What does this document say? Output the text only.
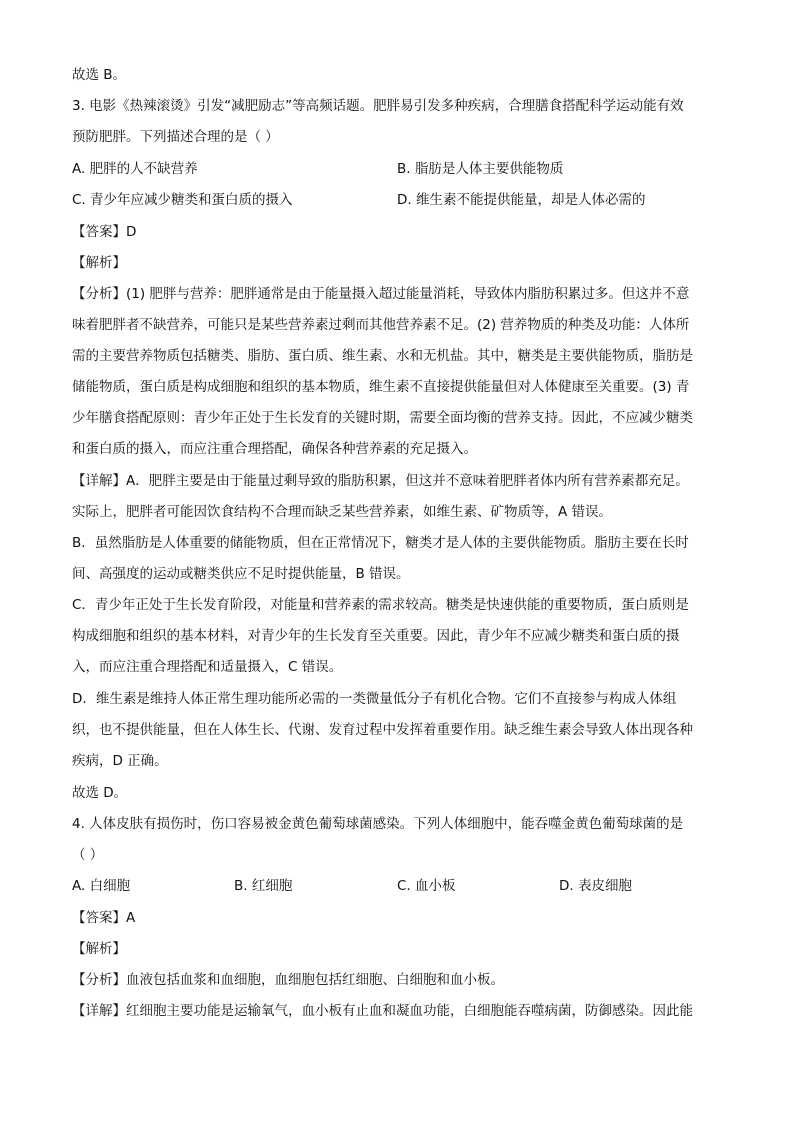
故选 B。
3. 电影《热辣滚烫》引发“减肥励志”等高频话题。肥胖易引发多种疾病，合理膳食搭配科学运动能有效
预防肥胖。下列描述合理的是（ ）
A. 肥胖的人不缺营养	B. 脂肪是人体主要供能物质
C. 青少年应减少糖类和蛋白质的摄入	D. 维生素不能提供能量，却是人体必需的
【答案】D
【解析】
【分析】(1) 肥胖与营养：肥胖通常是由于能量摄入超过能量消耗，导致体内脂肪积累过多。但这并不意
味着肥胖者不缺营养，可能只是某些营养素过剩而其他营养素不足。(2) 营养物质的种类及功能：人体所
需的主要营养物质包括糖类、脂肪、蛋白质、维生素、水和无机盐。其中，糖类是主要供能物质，脂肪是
储能物质，蛋白质是构成细胞和组织的基本物质，维生素不直接提供能量但对人体健康至关重要。(3) 青
少年膳食搭配原则：青少年正处于生长发育的关键时期，需要全面均衡的营养支持。因此，不应减少糖类
和蛋白质的摄入，而应注重合理搭配，确保各种营养素的充足摄入。
【详解】A．肥胖主要是由于能量过剩导致的脂肪积累，但这并不意味着肥胖者体内所有营养素都充足。
实际上，肥胖者可能因饮食结构不合理而缺乏某些营养素，如维生素、矿物质等，A 错误。
B．虽然脂肪是人体重要的储能物质，但在正常情况下，糖类才是人体的主要供能物质。脂肪主要在长时
间、高强度的运动或糖类供应不足时提供能量，B 错误。
C．青少年正处于生长发育阶段，对能量和营养素的需求较高。糖类是快速供能的重要物质，蛋白质则是
构成细胞和组织的基本材料，对青少年的生长发育至关重要。因此，青少年不应减少糖类和蛋白质的摄
入，而应注重合理搭配和适量摄入，C 错误。
D．维生素是维持人体正常生理功能所必需的一类微量低分子有机化合物。它们不直接参与构成人体组
织，也不提供能量，但在人体生长、代谢、发育过程中发挥着重要作用。缺乏维生素会导致人体出现各种
疾病，D 正确。
故选 D。
4. 人体皮肤有损伤时，伤口容易被金黄色葡萄球菌感染。下列人体细胞中，能吞噬金黄色葡萄球菌的是
（ ）
A. 白细胞	B. 红细胞	C. 血小板	D. 表皮细胞
【答案】A
【解析】
【分析】血液包括血浆和血细胞，血细胞包括红细胞、白细胞和血小板。
【详解】红细胞主要功能是运输氧气，血小板有止血和凝血功能，白细胞能吞噬病菌，防御感染。因此能
